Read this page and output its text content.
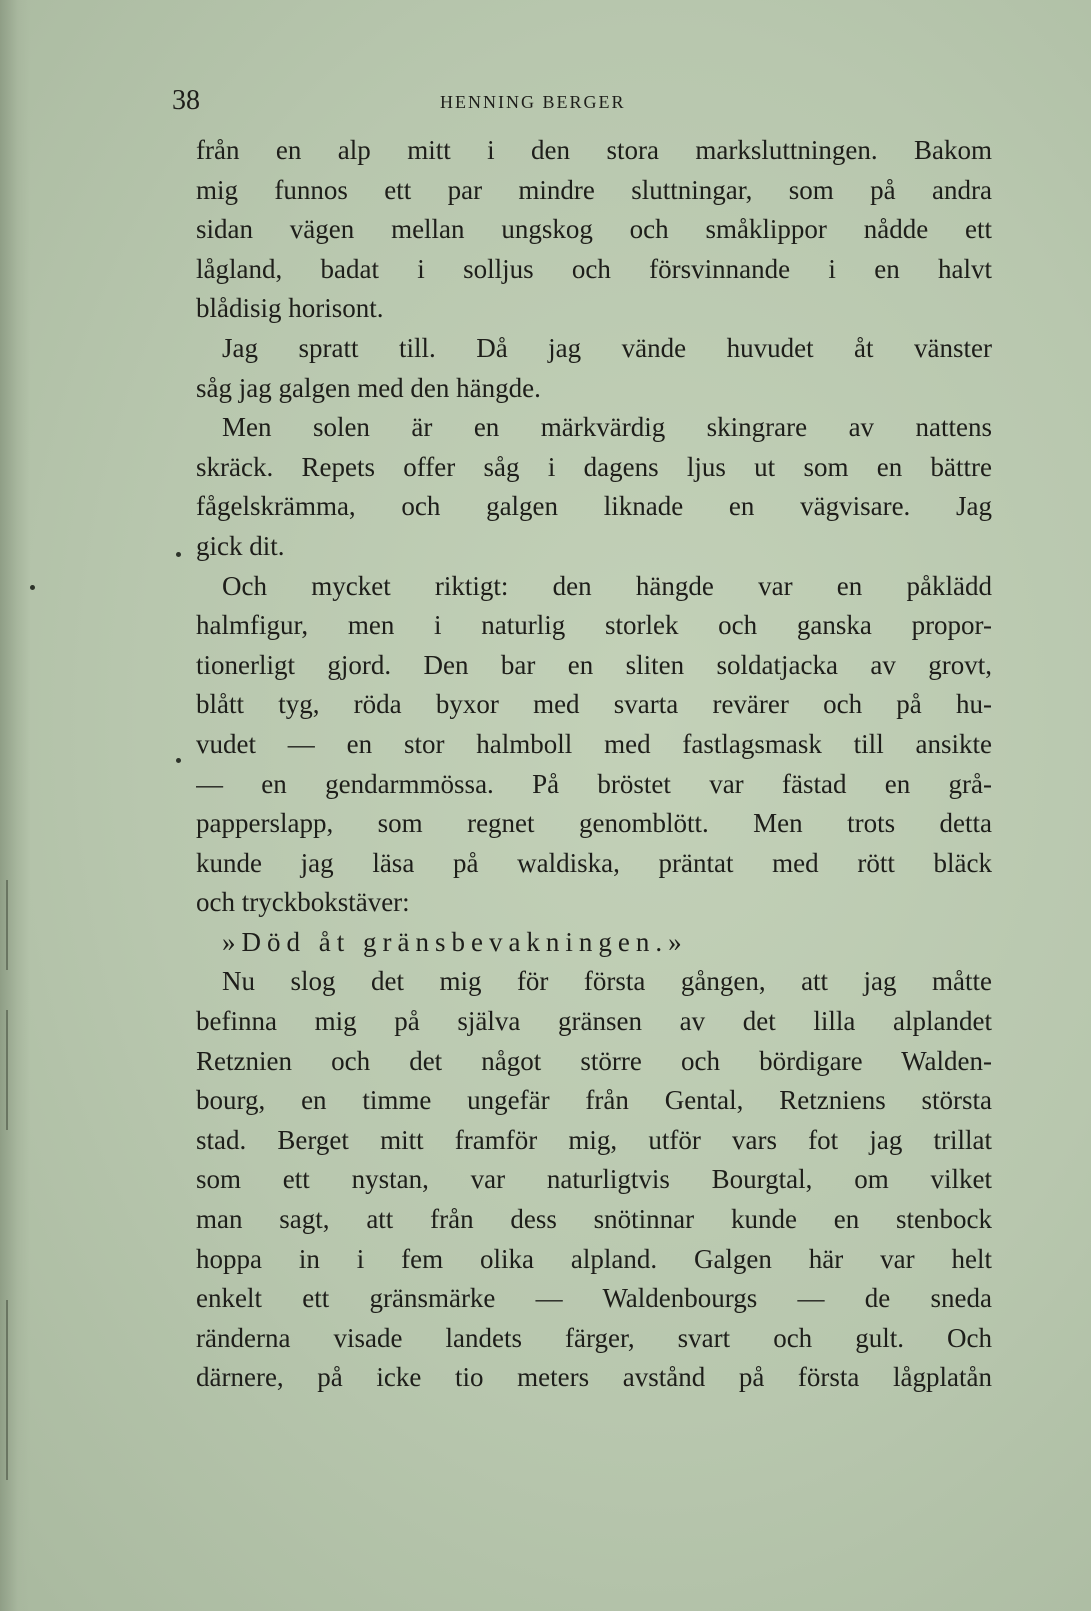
38	HENNING BERGER
från en alp mitt i den stora marksluttningen. Bakom
mig funnos ett par mindre sluttningar, som på andra
sidan vägen mellan ungskog och småklippor nådde ett
lågland, badat i solljus och försvinnande i en halvt
blådisig horisont.
Jag spratt till. Då jag vände huvudet åt vänster
såg jag galgen med den hängde.
Men solen är en märkvärdig skingrare av nattens
skräck. Repets offer såg i dagens ljus ut som en bättre
fågelskrämma, och galgen liknade en vägvisare. Jag
gick dit.
Och mycket riktigt: den hängde var en påklädd
halmfigur, men i naturlig storlek och ganska propor-
tionerligt gjord. Den bar en sliten soldatjacka av grovt,
blått tyg, röda byxor med svarta revärer och på hu-
vudet — en stor halmboll med fastlagsmask till ansikte
— en gendarmmössa. På bröstet var fästad en grå-
papperslapp, som regnet genomblött. Men trots detta
kunde jag läsa på waldiska, präntat med rött bläck
och tryckbokstäver:
»Död åt gränsbevakningen.»
Nu slog det mig för första gången, att jag måtte
befinna mig på själva gränsen av det lilla alplandet
Retznien och det något större och bördigare Walden-
bourg, en timme ungefär från Gental, Retzniens största
stad. Berget mitt framför mig, utför vars fot jag trillat
som ett nystan, var naturligtvis Bourgtal, om vilket
man sagt, att från dess snötinnar kunde en stenbock
hoppa in i fem olika alpland. Galgen här var helt
enkelt ett gränsmärke — Waldenbourgs — de sneda
ränderna visade landets färger, svart och gult. Och
därnere, på icke tio meters avstånd på första lågplatån
